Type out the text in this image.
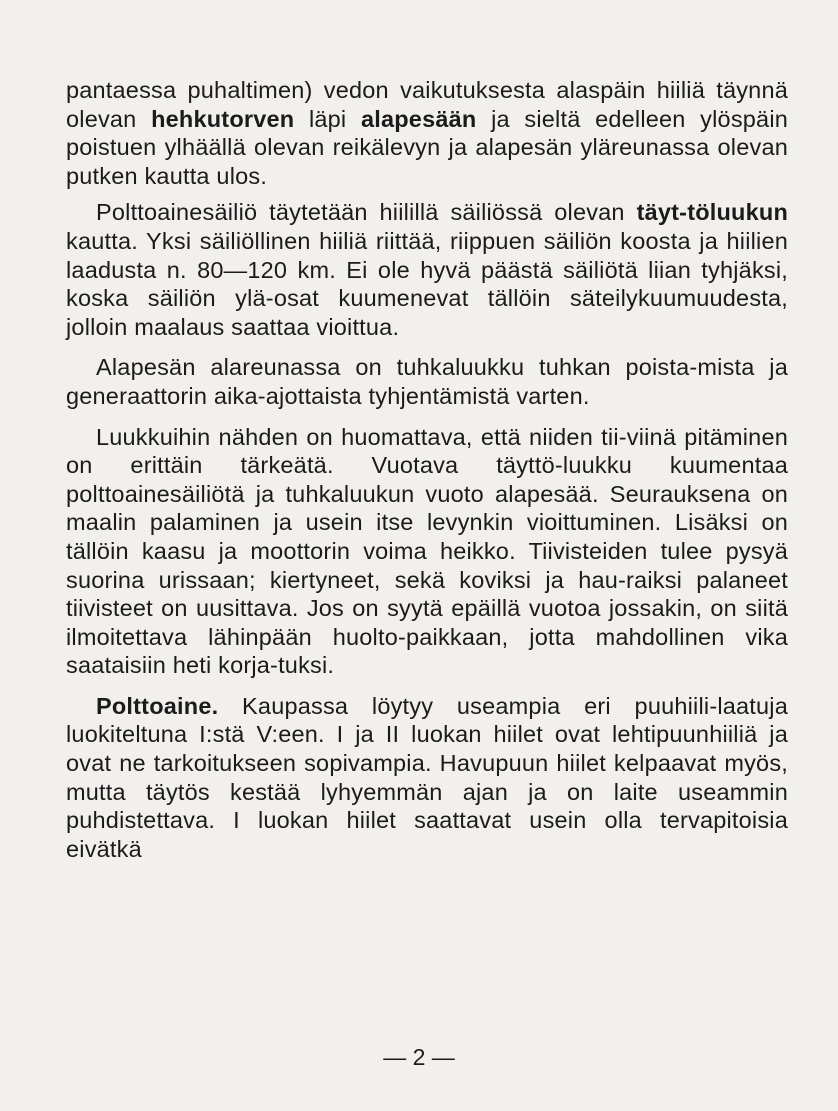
pantaessa puhaltimen) vedon vaikutuksesta alaspäin hiiliä täynnä olevan hehkutorven läpi alapesään ja sieltä edelleen ylöspäin poistuen ylhäällä olevan reikälevyn ja alapesän yläreunassa olevan putken kautta ulos.

Polttoainesäiliö täytetään hiilillä säiliössä olevan täyt-töluukun kautta. Yksi säiliöllinen hiiliä riittää, riippuen säiliön koosta ja hiilien laadusta n. 80—120 km. Ei ole hyvä päästä säiliötä liian tyhjäksi, koska säiliön ylä-osat kuumenevat tällöin säteilykuumuudesta, jolloin maalaus saattaa vioittua.

Alapesän alareunassa on tuhkaluukku tuhkan poista-mista ja generaattorin aika-ajottaista tyhjentämistä varten.

Luukkuihin nähden on huomattava, että niiden tii-viinä pitäminen on erittäin tärkeätä. Vuotava täyttö-luukku kuumentaa polttoainesäiliötä ja tuhkaluukun vuoto alapesää. Seurauksena on maalin palaminen ja usein itse levynkin vioittuminen. Lisäksi on tällöin kaasu ja moottorin voima heikko. Tiivisteiden tulee pysyä suorina urissaan; kiertyneet, sekä koviksi ja hau-raiksi palaneet tiivisteet on uusittava. Jos on syytä epäillä vuotoa jossakin, on siitä ilmoitettava lähinpään huolto-paikkaan, jotta mahdollinen vika saataisiin heti korja-tuksi.

Polttoaine. Kaupassa löytyy useampia eri puuhiili-laatuja luokiteltuna I:stä V:een. I ja II luokan hiilet ovat lehtipuunhiiliä ja ovat ne tarkoitukseen sopivampia. Havupuun hiilet kelpaavat myös, mutta täytös kestää lyhyemmän ajan ja on laite useammin puhdistettava. I luokan hiilet saattavat usein olla tervapitoisia eivätkä

— 2 —
